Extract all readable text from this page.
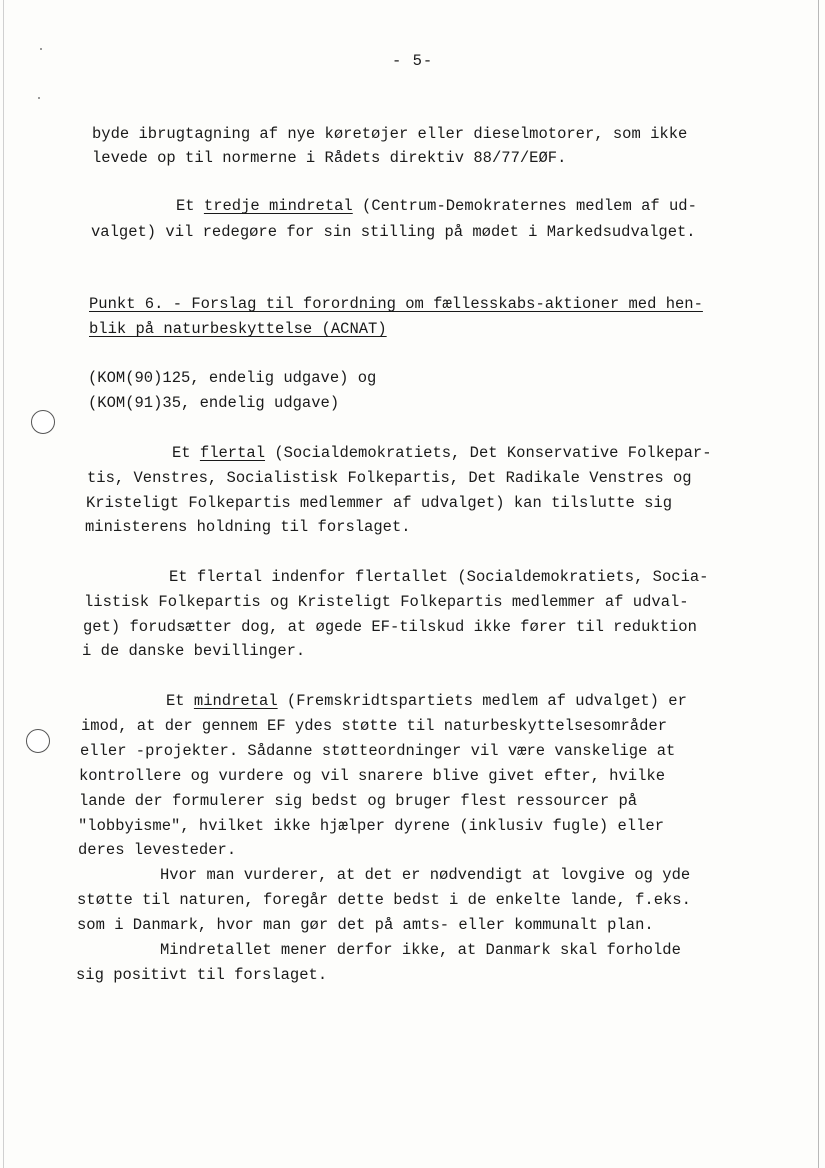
- 5-
byde ibrugtagning af nye køretøjer eller dieselmotorer, som ikke
levede op til normerne i Rådets direktiv 88/77/EØF.
Et tredje mindretal (Centrum-Demokraternes medlem af ud-
valget) vil redegøre for sin stilling på mødet i Markedsudvalget.
Punkt 6. - Forslag til forordning om fællesskabs-aktioner med hen-
blik på naturbeskyttelse (ACNAT)
(KOM(90)125, endelig udgave) og
(KOM(91)35, endelig udgave)
Et flertal (Socialdemokratiets, Det Konservative Folkepar-
tis, Venstres, Socialistisk Folkepartis, Det Radikale Venstres og
Kristeligt Folkepartis medlemmer af udvalget) kan tilslutte sig
ministerens holdning til forslaget.
Et flertal indenfor flertallet (Socialdemokratiets, Socia-
listisk Folkepartis og Kristeligt Folkepartis medlemmer af udval-
get) forudsætter dog, at øgede EF-tilskud ikke fører til reduktion
i de danske bevillinger.
Et mindretal (Fremskridtspartiets medlem af udvalget) er
imod, at der gennem EF ydes støtte til naturbeskyttelsesområder
eller -projekter. Sådanne støtteordninger vil være vanskelige at
kontrollere og vurdere og vil snarere blive givet efter, hvilke
lande der formulerer sig bedst og bruger flest ressourcer på
"lobbyisme", hvilket ikke hjælper dyrene (inklusiv fugle) eller
deres levesteder.
Hvor man vurderer, at det er nødvendigt at lovgive og yde
støtte til naturen, foregår dette bedst i de enkelte lande, f.eks.
som i Danmark, hvor man gør det på amts- eller kommunalt plan.
Mindretallet mener derfor ikke, at Danmark skal forholde
sig positivt til forslaget.
